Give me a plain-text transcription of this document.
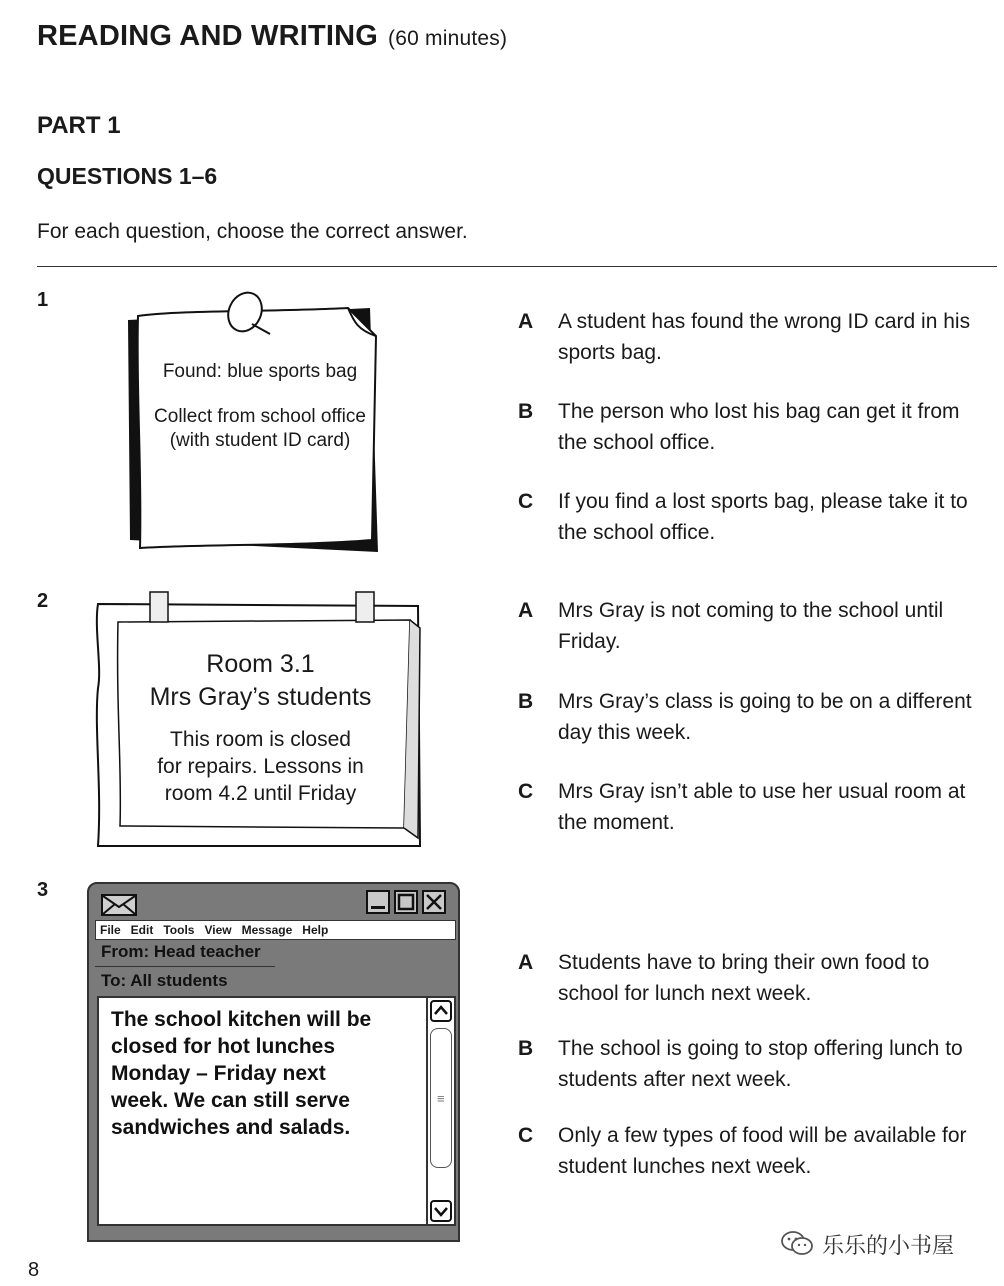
READING AND WRITING (60 minutes)
PART 1
QUESTIONS 1–6
For each question, choose the correct answer.
1
Found: blue sports bag
Collect from school office
(with student ID card)
A A student has found the wrong ID card in his sports bag.
B The person who lost his bag can get it from the school office.
C If you find a lost sports bag, please take it to the school office.
2
Room 3.1
Mrs Gray’s students
This room is closed
for repairs. Lessons in
room 4.2 until Friday
A Mrs Gray is not coming to the school until Friday.
B Mrs Gray’s class is going to be on a different day this week.
C Mrs Gray isn’t able to use her usual room at the moment.
3
File Edit Tools View Message Help
From: Head teacher
To: All students
The school kitchen will be
closed for hot lunches
Monday – Friday next
week. We can still serve
sandwiches and salads.
≡
A Students have to bring their own food to school for lunch next week.
B The school is going to stop offering lunch to students after next week.
C Only a few types of food will be available for student lunches next week.
8
乐乐的小书屋
